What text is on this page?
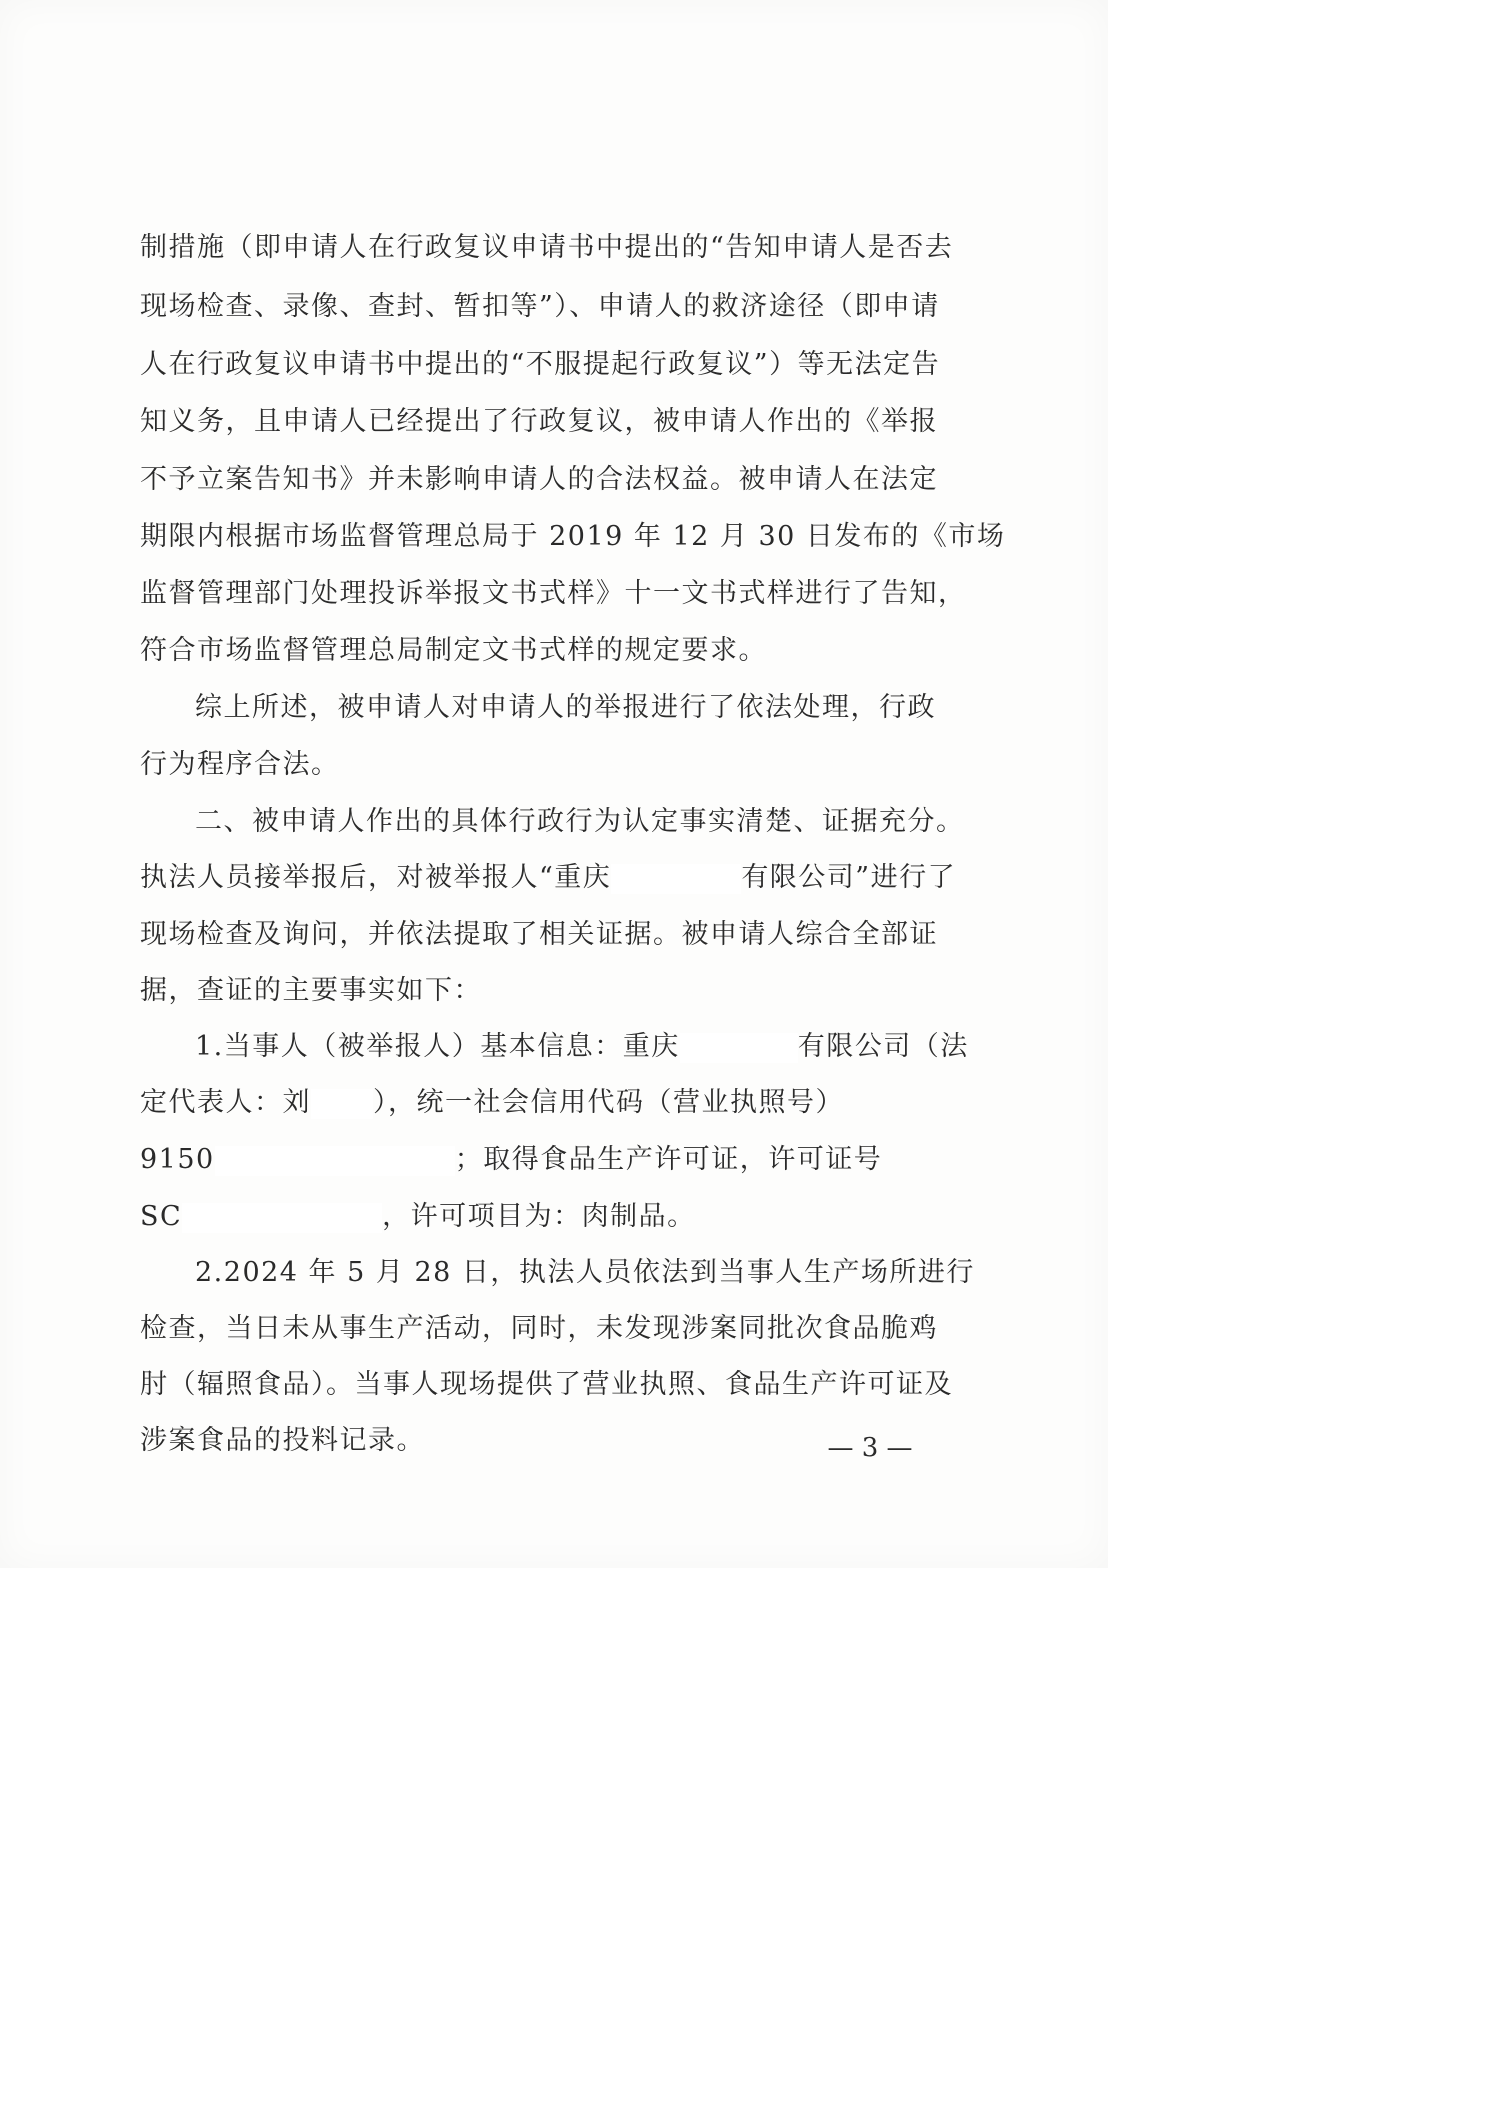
制措施（即申请人在行政复议申请书中提出的“告知申请人是否去
现场检查、录像、查封、暂扣等”）、申请人的救济途径（即申请
人在行政复议申请书中提出的“不服提起行政复议”）等无法定告
知义务，且申请人已经提出了行政复议，被申请人作出的《举报
不予立案告知书》并未影响申请人的合法权益。被申请人在法定
期限内根据市场监督管理总局于 2019 年 12 月 30 日发布的《市场
监督管理部门处理投诉举报文书式样》十一文书式样进行了告知，
符合市场监督管理总局制定文书式样的规定要求。
综上所述，被申请人对申请人的举报进行了依法处理，行政
行为程序合法。
二、被申请人作出的具体行政行为认定事实清楚、证据充分。
执法人员接举报后，对被举报人“重庆	有限公司”进行了
现场检查及询问，并依法提取了相关证据。被申请人综合全部证
据，查证的主要事实如下：
1.当事人（被举报人）基本信息：重庆	有限公司（法
定代表人：刘 ），统一社会信用代码（营业执照号）
9150	；取得食品生产许可证，许可证号
SC	，许可项目为：肉制品。
2.2024 年 5 月 28 日，执法人员依法到当事人生产场所进行
检查，当日未从事生产活动，同时，未发现涉案同批次食品脆鸡
肘（辐照食品）。当事人现场提供了营业执照、食品生产许可证及
涉案食品的投料记录。	— 3 —
